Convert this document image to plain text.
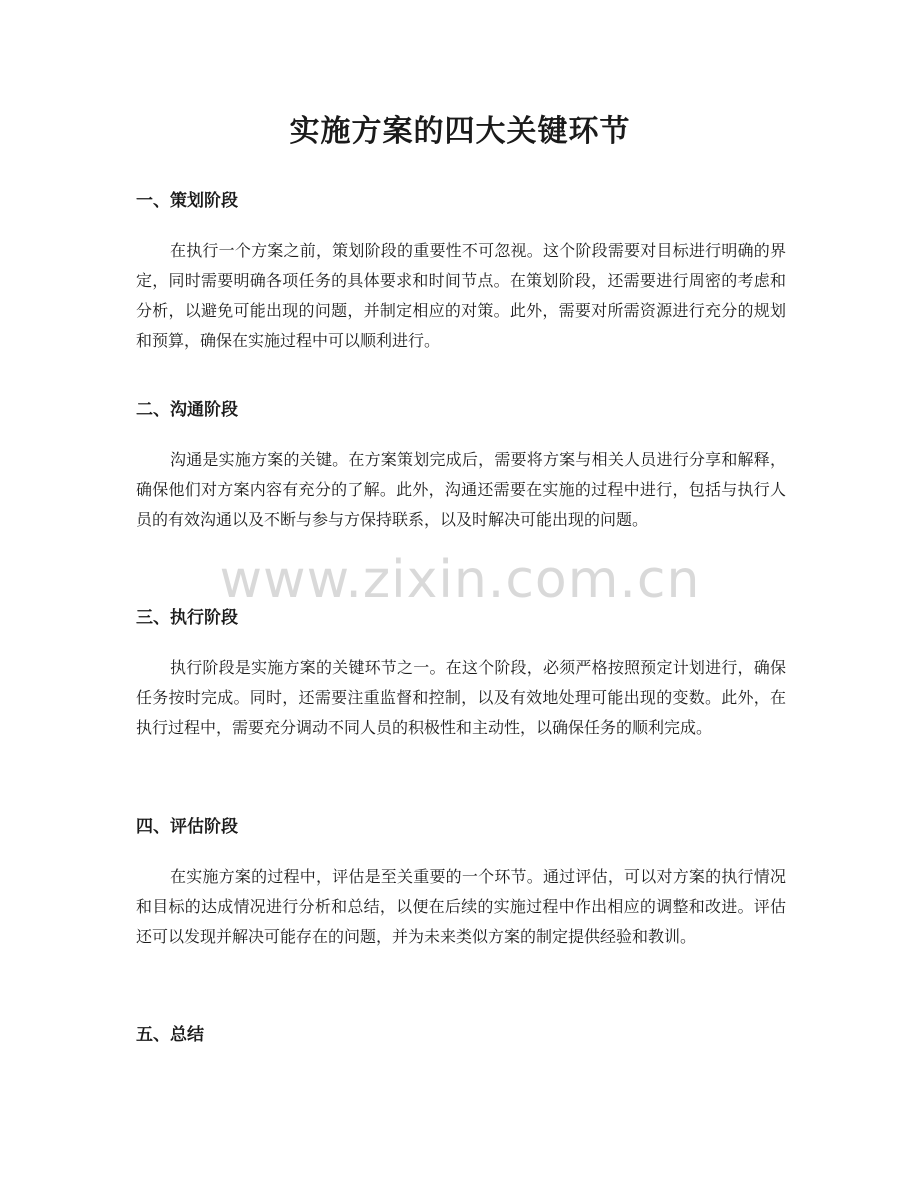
实施方案的四大关键环节
一、策划阶段

在执行一个方案之前，策划阶段的重要性不可忽视。这个阶段需要对目标进行明确的界定，同时需要明确各项任务的具体要求和时间节点。在策划阶段，还需要进行周密的考虑和分析，以避免可能出现的问题，并制定相应的对策。此外，需要对所需资源进行充分的规划和预算，确保在实施过程中可以顺利进行。

二、沟通阶段

沟通是实施方案的关键。在方案策划完成后，需要将方案与相关人员进行分享和解释，确保他们对方案内容有充分的了解。此外，沟通还需要在实施的过程中进行，包括与执行人员的有效沟通以及不断与参与方保持联系，以及时解决可能出现的问题。

三、执行阶段

执行阶段是实施方案的关键环节之一。在这个阶段，必须严格按照预定计划进行，确保任务按时完成。同时，还需要注重监督和控制，以及有效地处理可能出现的变数。此外，在执行过程中，需要充分调动不同人员的积极性和主动性，以确保任务的顺利完成。

四、评估阶段

在实施方案的过程中，评估是至关重要的一个环节。通过评估，可以对方案的执行情况和目标的达成情况进行分析和总结，以便在后续的实施过程中作出相应的调整和改进。评估还可以发现并解决可能存在的问题，并为未来类似方案的制定提供经验和教训。

五、总结
www.zixin.com.cn
